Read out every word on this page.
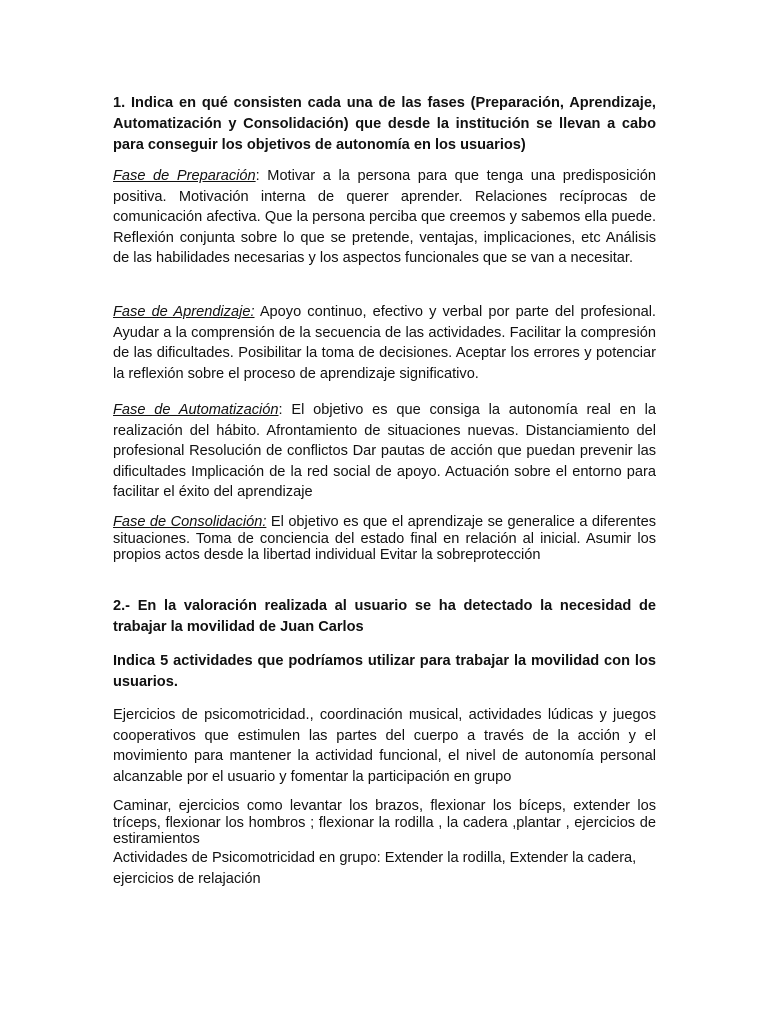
1. Indica en qué consisten cada una de las fases (Preparación, Aprendizaje, Automatización y Consolidación) que desde la institución se llevan a cabo para conseguir los objetivos de autonomía en los usuarios)

Fase de Preparación: Motivar a la persona para que tenga una predisposición positiva. Motivación interna de querer aprender. Relaciones recíprocas de comunicación afectiva. Que la persona perciba que creemos y sabemos ella puede. Reflexión conjunta sobre lo que se pretende, ventajas, implicaciones, etc Análisis de las habilidades necesarias y los aspectos funcionales que se van a necesitar.

Fase de Aprendizaje: Apoyo continuo, efectivo y verbal por parte del profesional. Ayudar a la comprensión de la secuencia de las actividades. Facilitar la compresión de las dificultades. Posibilitar la toma de decisiones. Aceptar los errores y potenciar la reflexión sobre el proceso de aprendizaje significativo.

Fase de Automatización: El objetivo es que consiga la autonomía real en la realización del hábito. Afrontamiento de situaciones nuevas. Distanciamiento del profesional Resolución de conflictos Dar pautas de acción que puedan prevenir las dificultades Implicación de la red social de apoyo. Actuación sobre el entorno para facilitar el éxito del aprendizaje

Fase de Consolidación: El objetivo es que el aprendizaje se generalice a diferentes situaciones. Toma de conciencia del estado final en relación al inicial. Asumir los propios actos desde la libertad individual Evitar la sobreprotección

2.- En la valoración realizada al usuario se ha detectado la necesidad de trabajar la movilidad de Juan Carlos

Indica 5 actividades que podríamos utilizar para trabajar la movilidad con los usuarios.

Ejercicios de psicomotricidad., coordinación musical, actividades lúdicas y juegos cooperativos que estimulen las partes del cuerpo a través de la acción y el movimiento para mantener la actividad funcional, el nivel de autonomía personal alcanzable por el usuario y fomentar la participación en grupo

Caminar, ejercicios como levantar los brazos, flexionar los bíceps, extender los tríceps, flexionar los hombros ; flexionar la rodilla , la cadera ,plantar , ejercicios de estiramientos

Actividades de Psicomotricidad en grupo: Extender la rodilla, Extender la cadera, ejercicios de relajación
